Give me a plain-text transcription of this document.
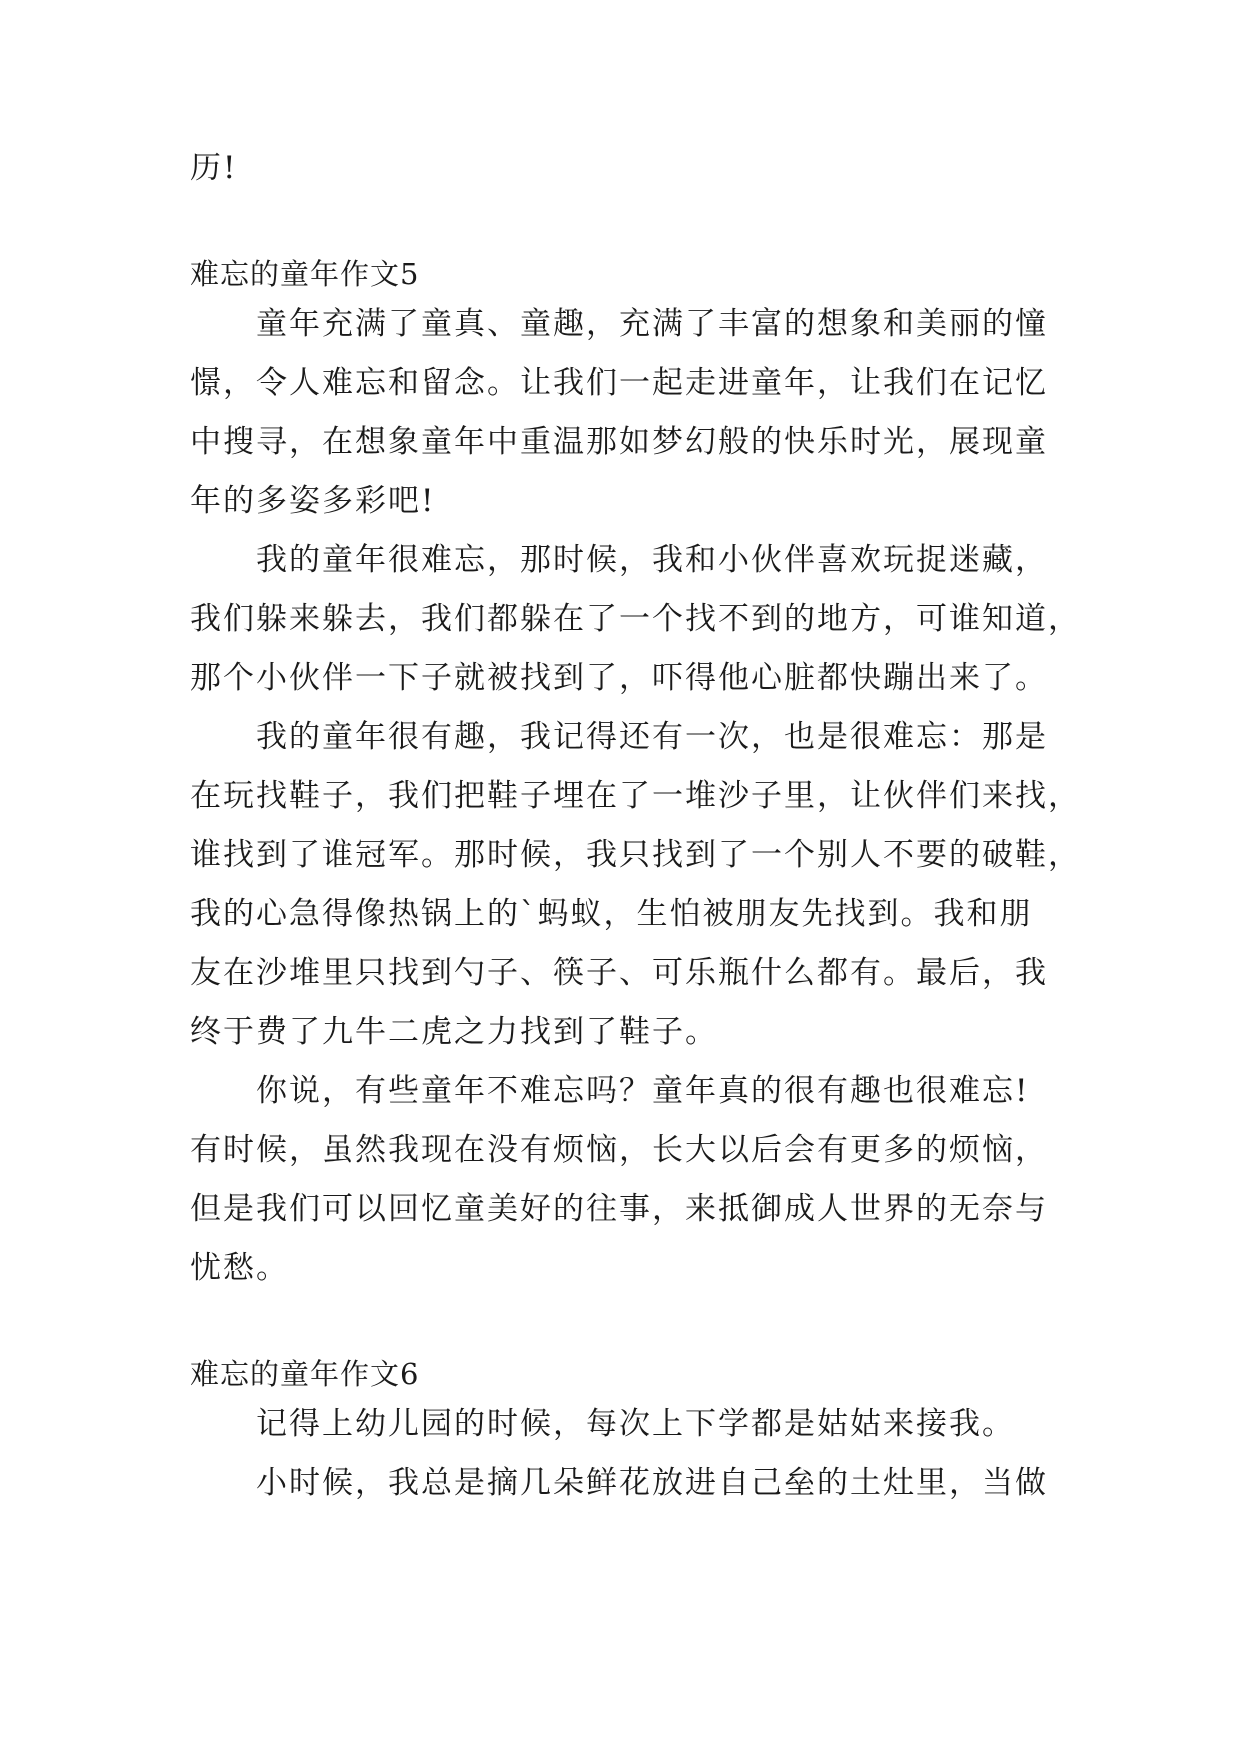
历!
难忘的童年作文5
童年充满了童真、童趣，充满了丰富的想象和美丽的憧
憬，令人难忘和留念。让我们一起走进童年，让我们在记忆
中搜寻，在想象童年中重温那如梦幻般的快乐时光，展现童
年的多姿多彩吧!
我的童年很难忘，那时候，我和小伙伴喜欢玩捉迷藏，
我们躲来躲去，我们都躲在了一个找不到的地方，可谁知道，
那个小伙伴一下子就被找到了，吓得他心脏都快蹦出来了。
我的童年很有趣，我记得还有一次，也是很难忘：那是
在玩找鞋子，我们把鞋子埋在了一堆沙子里，让伙伴们来找，
谁找到了谁冠军。那时候，我只找到了一个别人不要的破鞋，
我的心急得像热锅上的`蚂蚁，生怕被朋友先找到。我和朋
友在沙堆里只找到勺子、筷子、可乐瓶什么都有。最后，我
终于费了九牛二虎之力找到了鞋子。
你说，有些童年不难忘吗？童年真的很有趣也很难忘!
有时候，虽然我现在没有烦恼，长大以后会有更多的烦恼，
但是我们可以回忆童美好的往事，来抵御成人世界的无奈与
忧愁。
难忘的童年作文6
记得上幼儿园的时候，每次上下学都是姑姑来接我。
小时候，我总是摘几朵鲜花放进自己垒的土灶里，当做
